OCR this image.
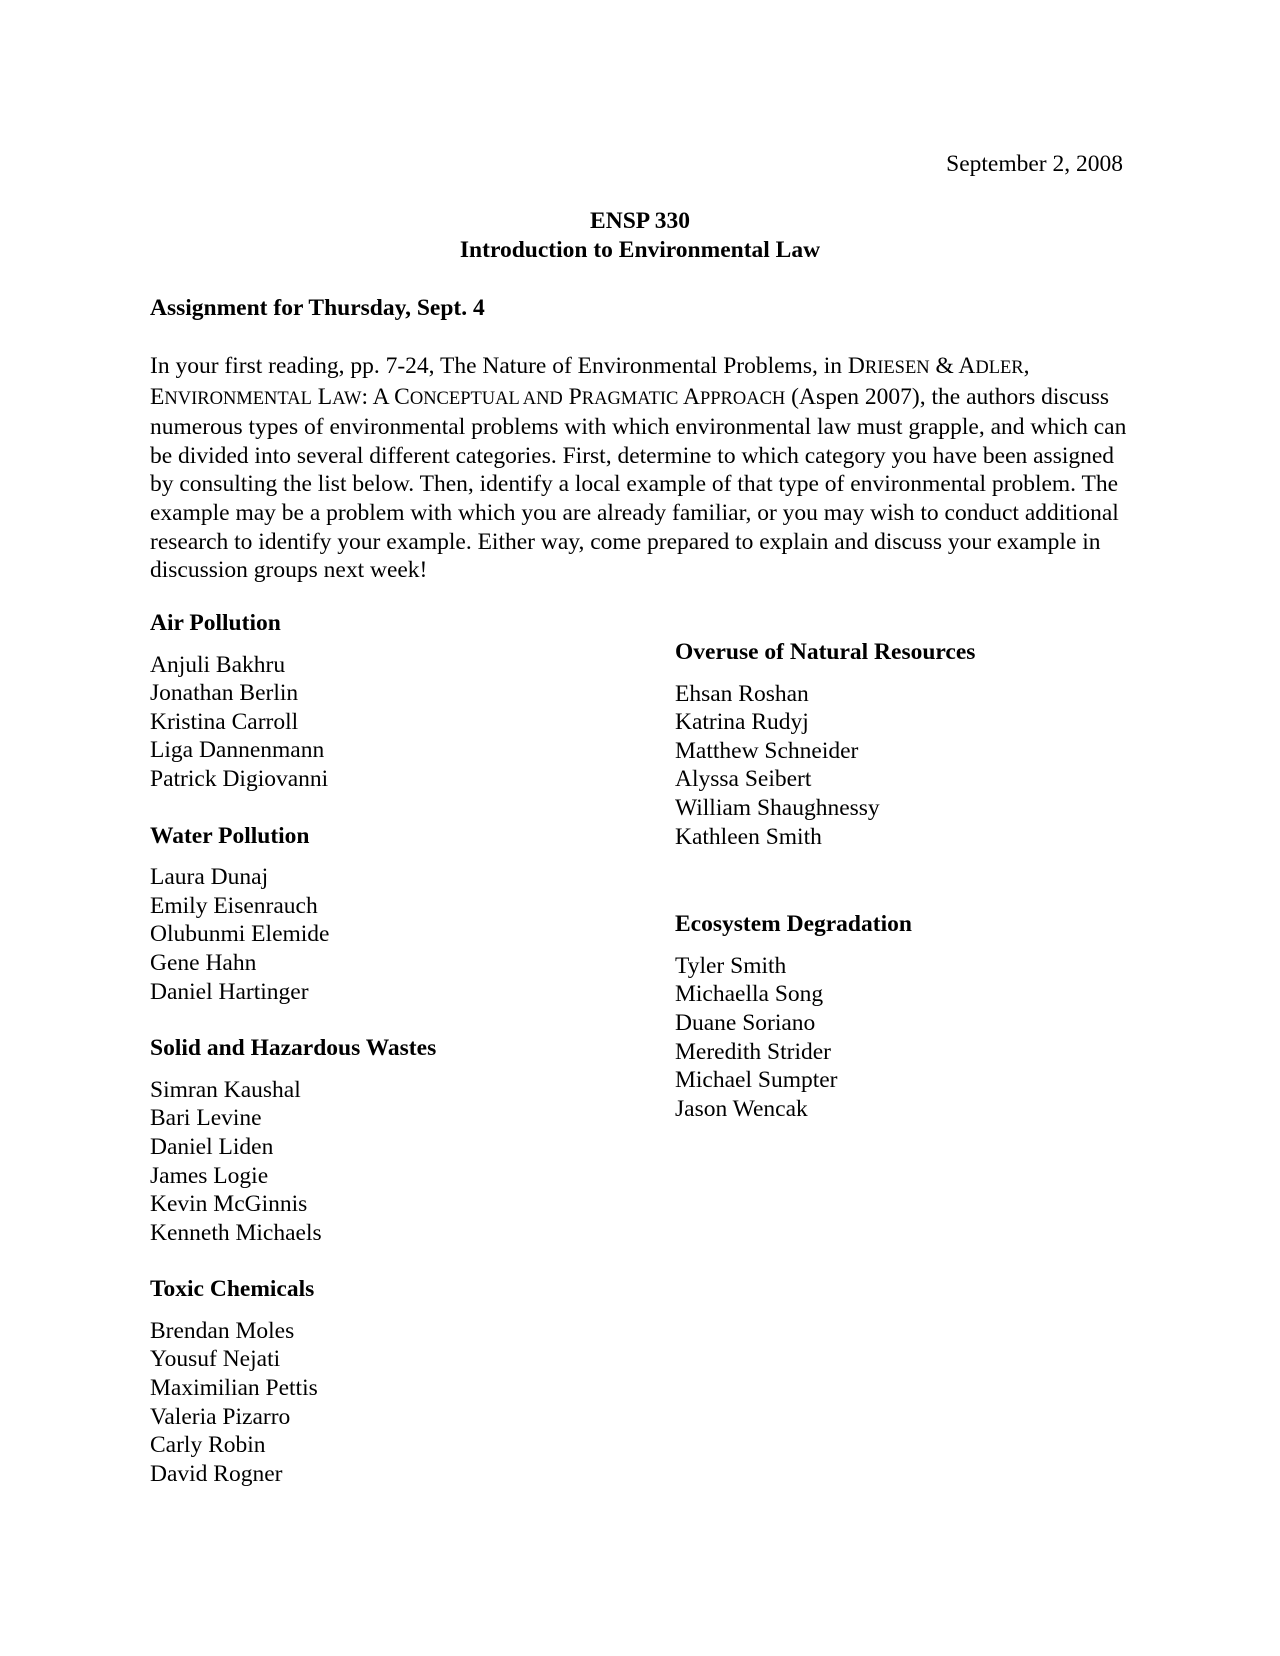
September 2, 2008
ENSP 330
Introduction to Environmental Law
Assignment for Thursday, Sept. 4

In your first reading, pp. 7-24, The Nature of Environmental Problems, in DRIESEN & ADLER, ENVIRONMENTAL LAW: A CONCEPTUAL AND PRAGMATIC APPROACH (Aspen 2007), the authors discuss numerous types of environmental problems with which environmental law must grapple, and which can be divided into several different categories. First, determine to which category you have been assigned by consulting the list below. Then, identify a local example of that type of environmental problem. The example may be a problem with which you are already familiar, or you may wish to conduct additional research to identify your example. Either way, come prepared to explain and discuss your example in discussion groups next week!

Air Pollution
Anjuli Bakhru
Jonathan Berlin
Kristina Carroll
Liga Dannenmann
Patrick Digiovanni
Water Pollution
Laura Dunaj
Emily Eisenrauch
Olubunmi Elemide
Gene Hahn
Daniel Hartinger
Solid and Hazardous Wastes
Simran Kaushal
Bari Levine
Daniel Liden
James Logie
Kevin McGinnis
Kenneth Michaels
Toxic Chemicals
Brendan Moles
Yousuf Nejati
Maximilian Pettis
Valeria Pizarro
Carly Robin
David Rogner
Overuse of Natural Resources
Ehsan Roshan
Katrina Rudyj
Matthew Schneider
Alyssa Seibert
William Shaughnessy
Kathleen Smith
Ecosystem Degradation
Tyler Smith
Michaella Song
Duane Soriano
Meredith Strider
Michael Sumpter
Jason Wencak
